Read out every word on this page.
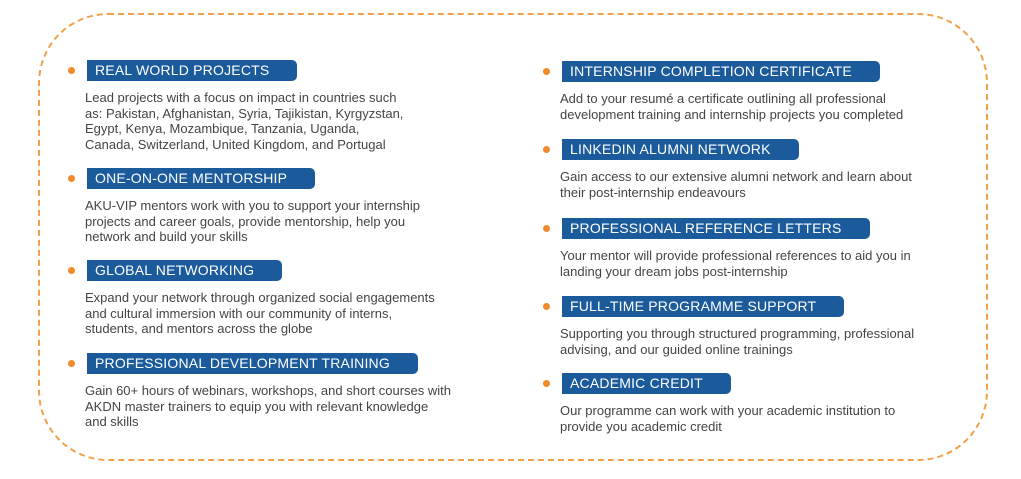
REAL WORLD PROJECTS
Lead projects with a focus on impact in countries such
as: Pakistan, Afghanistan, Syria, Tajikistan, Kyrgyzstan,
Egypt, Kenya, Mozambique, Tanzania, Uganda,
Canada, Switzerland, United Kingdom, and Portugal
ONE-ON-ONE MENTORSHIP
AKU-VIP mentors work with you to support your internship
projects and career goals, provide mentorship, help you
network and build your skills
GLOBAL NETWORKING
Expand your network through organized social engagements
and cultural immersion with our community of interns,
students, and mentors across the globe
PROFESSIONAL DEVELOPMENT TRAINING
Gain 60+ hours of webinars, workshops, and short courses with
AKDN master trainers to equip you with relevant knowledge
and skills
INTERNSHIP COMPLETION CERTIFICATE
Add to your resumé a certificate outlining all professional
development training and internship projects you completed
LINKEDIN ALUMNI NETWORK
Gain access to our extensive alumni network and learn about
their post-internship endeavours
PROFESSIONAL REFERENCE LETTERS
Your mentor will provide professional references to aid you in
landing your dream jobs post-internship
FULL-TIME PROGRAMME SUPPORT
Supporting you through structured programming, professional
advising, and our guided online trainings
ACADEMIC CREDIT
Our programme can work with your academic institution to
provide you academic credit
